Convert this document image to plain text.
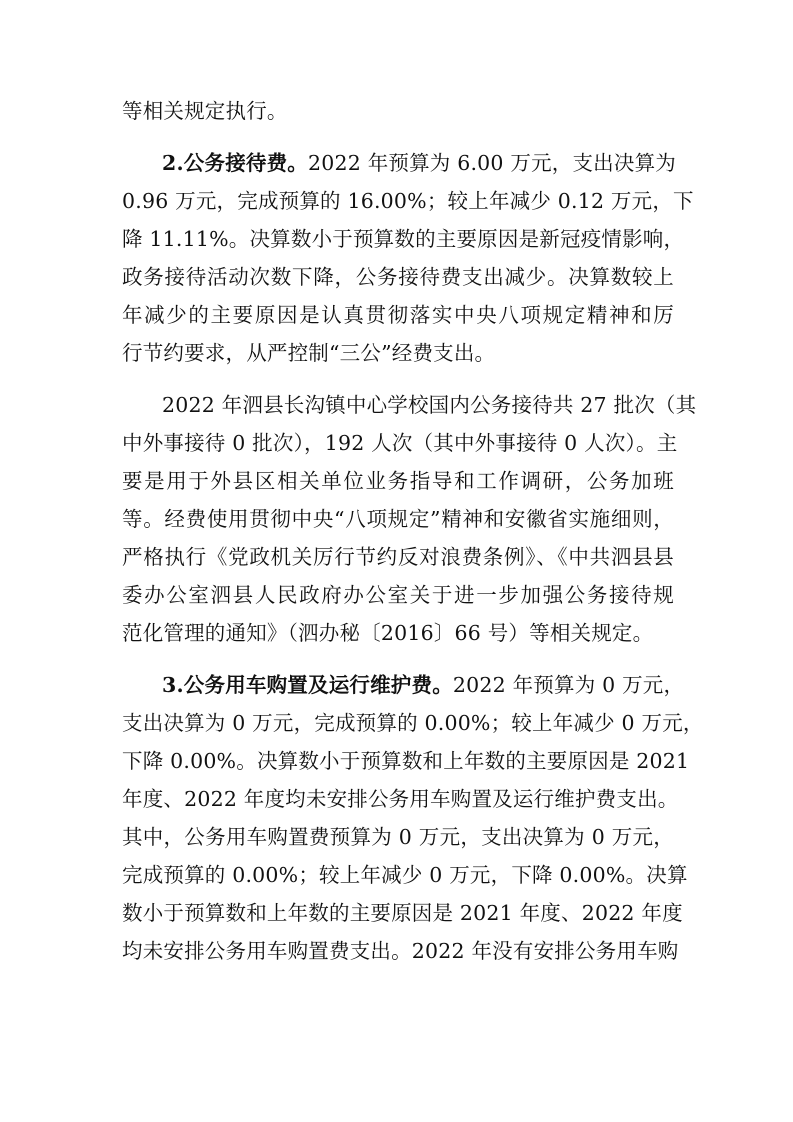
等相关规定执行。
2.公务接待费。2022 年预算为 6.00 万元，支出决算为
0.96 万元，完成预算的 16.00%；较上年减少 0.12 万元，下
降 11.11%。决算数小于预算数的主要原因是新冠疫情影响，
政务接待活动次数下降，公务接待费支出减少。决算数较上
年减少的主要原因是认真贯彻落实中央八项规定精神和厉
行节约要求，从严控制“三公”经费支出。
2022 年泗县长沟镇中心学校国内公务接待共 27 批次（其
中外事接待 0 批次），192 人次（其中外事接待 0 人次）。主
要是用于外县区相关单位业务指导和工作调研，公务加班
等。经费使用贯彻中央“八项规定”精神和安徽省实施细则，
严格执行《党政机关厉行节约反对浪费条例》、《中共泗县县
委办公室泗县人民政府办公室关于进一步加强公务接待规
范化管理的通知》（泗办秘〔2016〕66 号）等相关规定。
3.公务用车购置及运行维护费。2022 年预算为 0 万元，
支出决算为 0 万元，完成预算的 0.00%；较上年减少 0 万元，
下降 0.00%。决算数小于预算数和上年数的主要原因是 2021
年度、2022 年度均未安排公务用车购置及运行维护费支出。
其中，公务用车购置费预算为 0 万元，支出决算为 0 万元，
完成预算的 0.00%；较上年减少 0 万元，下降 0.00%。决算
数小于预算数和上年数的主要原因是 2021 年度、2022 年度
均未安排公务用车购置费支出。2022 年没有安排公务用车购
